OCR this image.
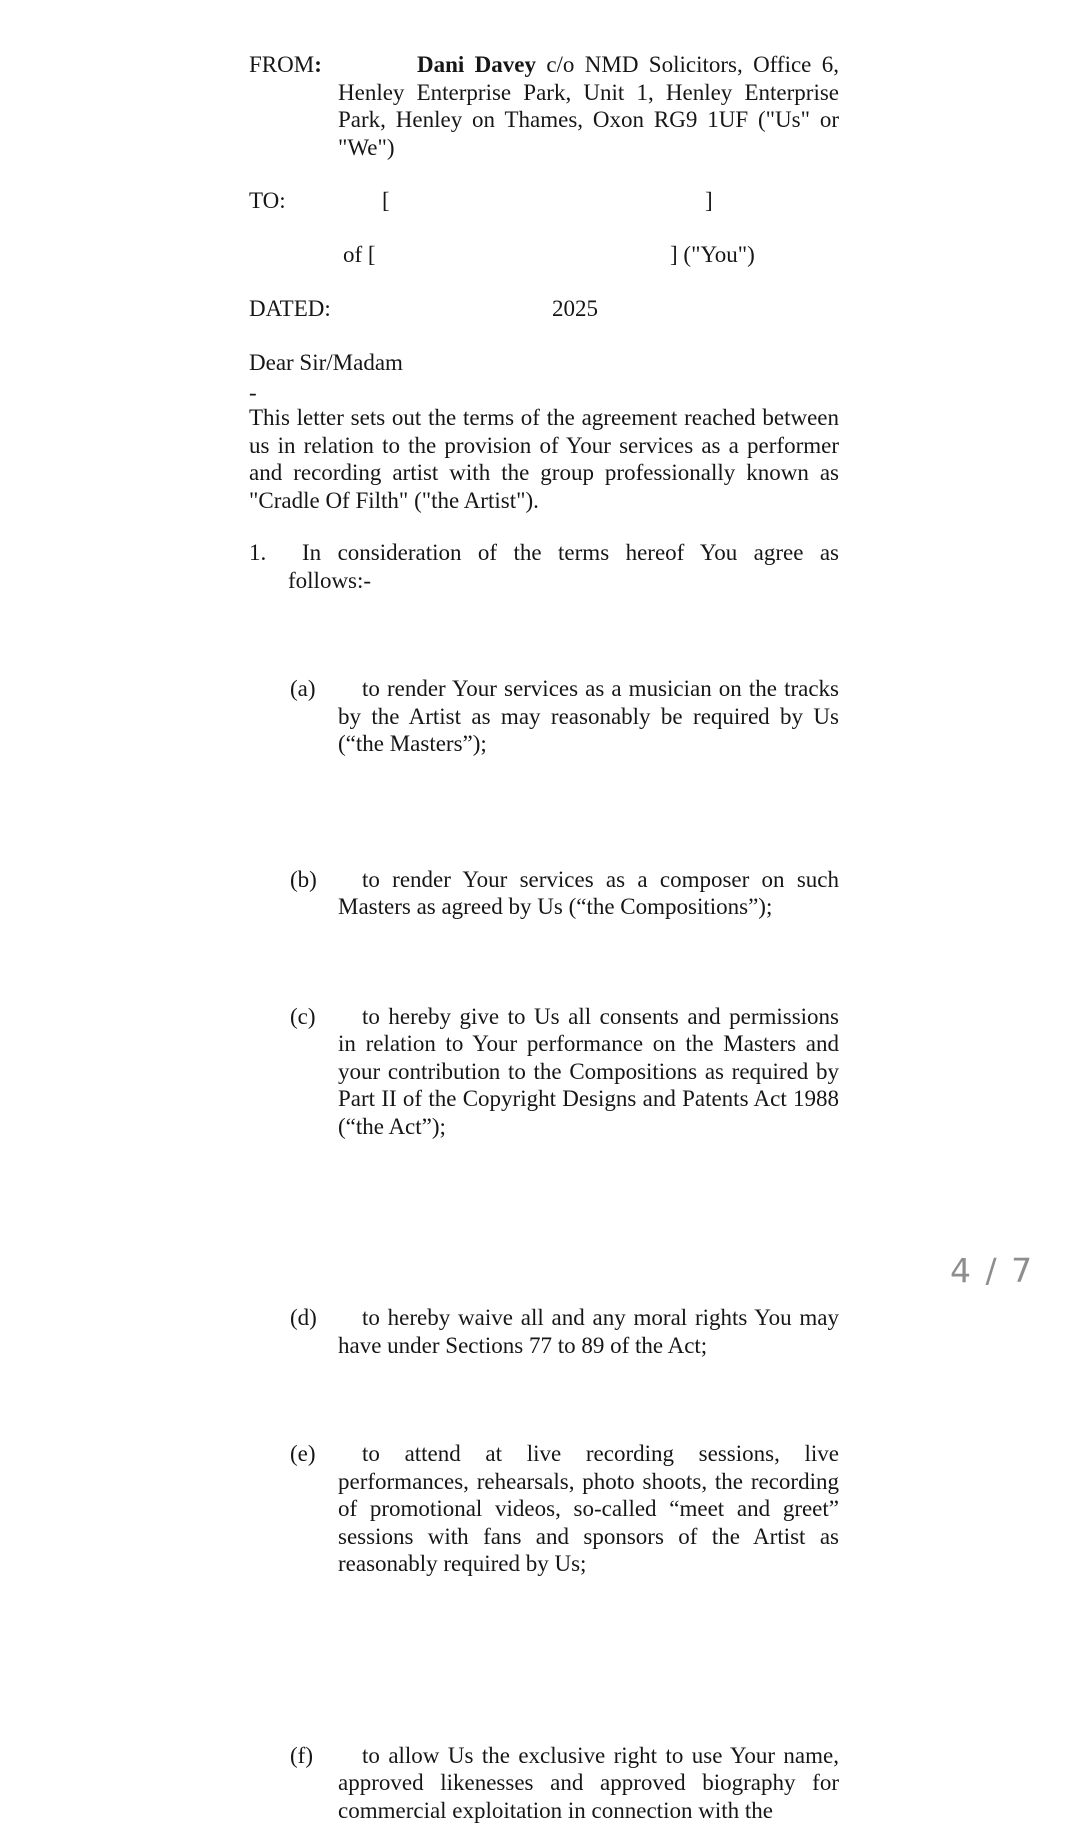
FROM:	Dani Davey c/o NMD Solicitors, Office 6, Henley Enterprise Park, Unit 1, Henley Enterprise Park, Henley on Thames, Oxon RG9 1UF ("Us" or "We")
TO:	[	]
of [	] ("You")
DATED:	2025
Dear Sir/Madam
-
This letter sets out the terms of the agreement reached between us in relation to the provision of Your services as a performer and recording artist with the group professionally known as "Cradle Of Filth" ("the Artist").
1.	In consideration of the terms hereof You agree as follows:-
(a)	to render Your services as a musician on the tracks by the Artist as may reasonably be required by Us (“the Masters”);
(b)	to render Your services as a composer on such Masters as agreed by Us (“the Compositions”);
(c)	to hereby give to Us all consents and permissions in relation to Your performance on the Masters and your contribution to the Compositions as required by Part II of the Copyright Designs and Patents Act 1988 (“the Act”);
(d)	to hereby waive all and any moral rights You may have under Sections 77 to 89 of the Act;
(e)	to attend at live recording sessions, live performances, rehearsals, photo shoots, the recording of promotional videos, so-called “meet and greet” sessions with fans and sponsors of the Artist as reasonably required by Us;
(f)	to allow Us the exclusive right to use Your name, approved likenesses and approved biography for commercial exploitation in connection with the
4 / 7
